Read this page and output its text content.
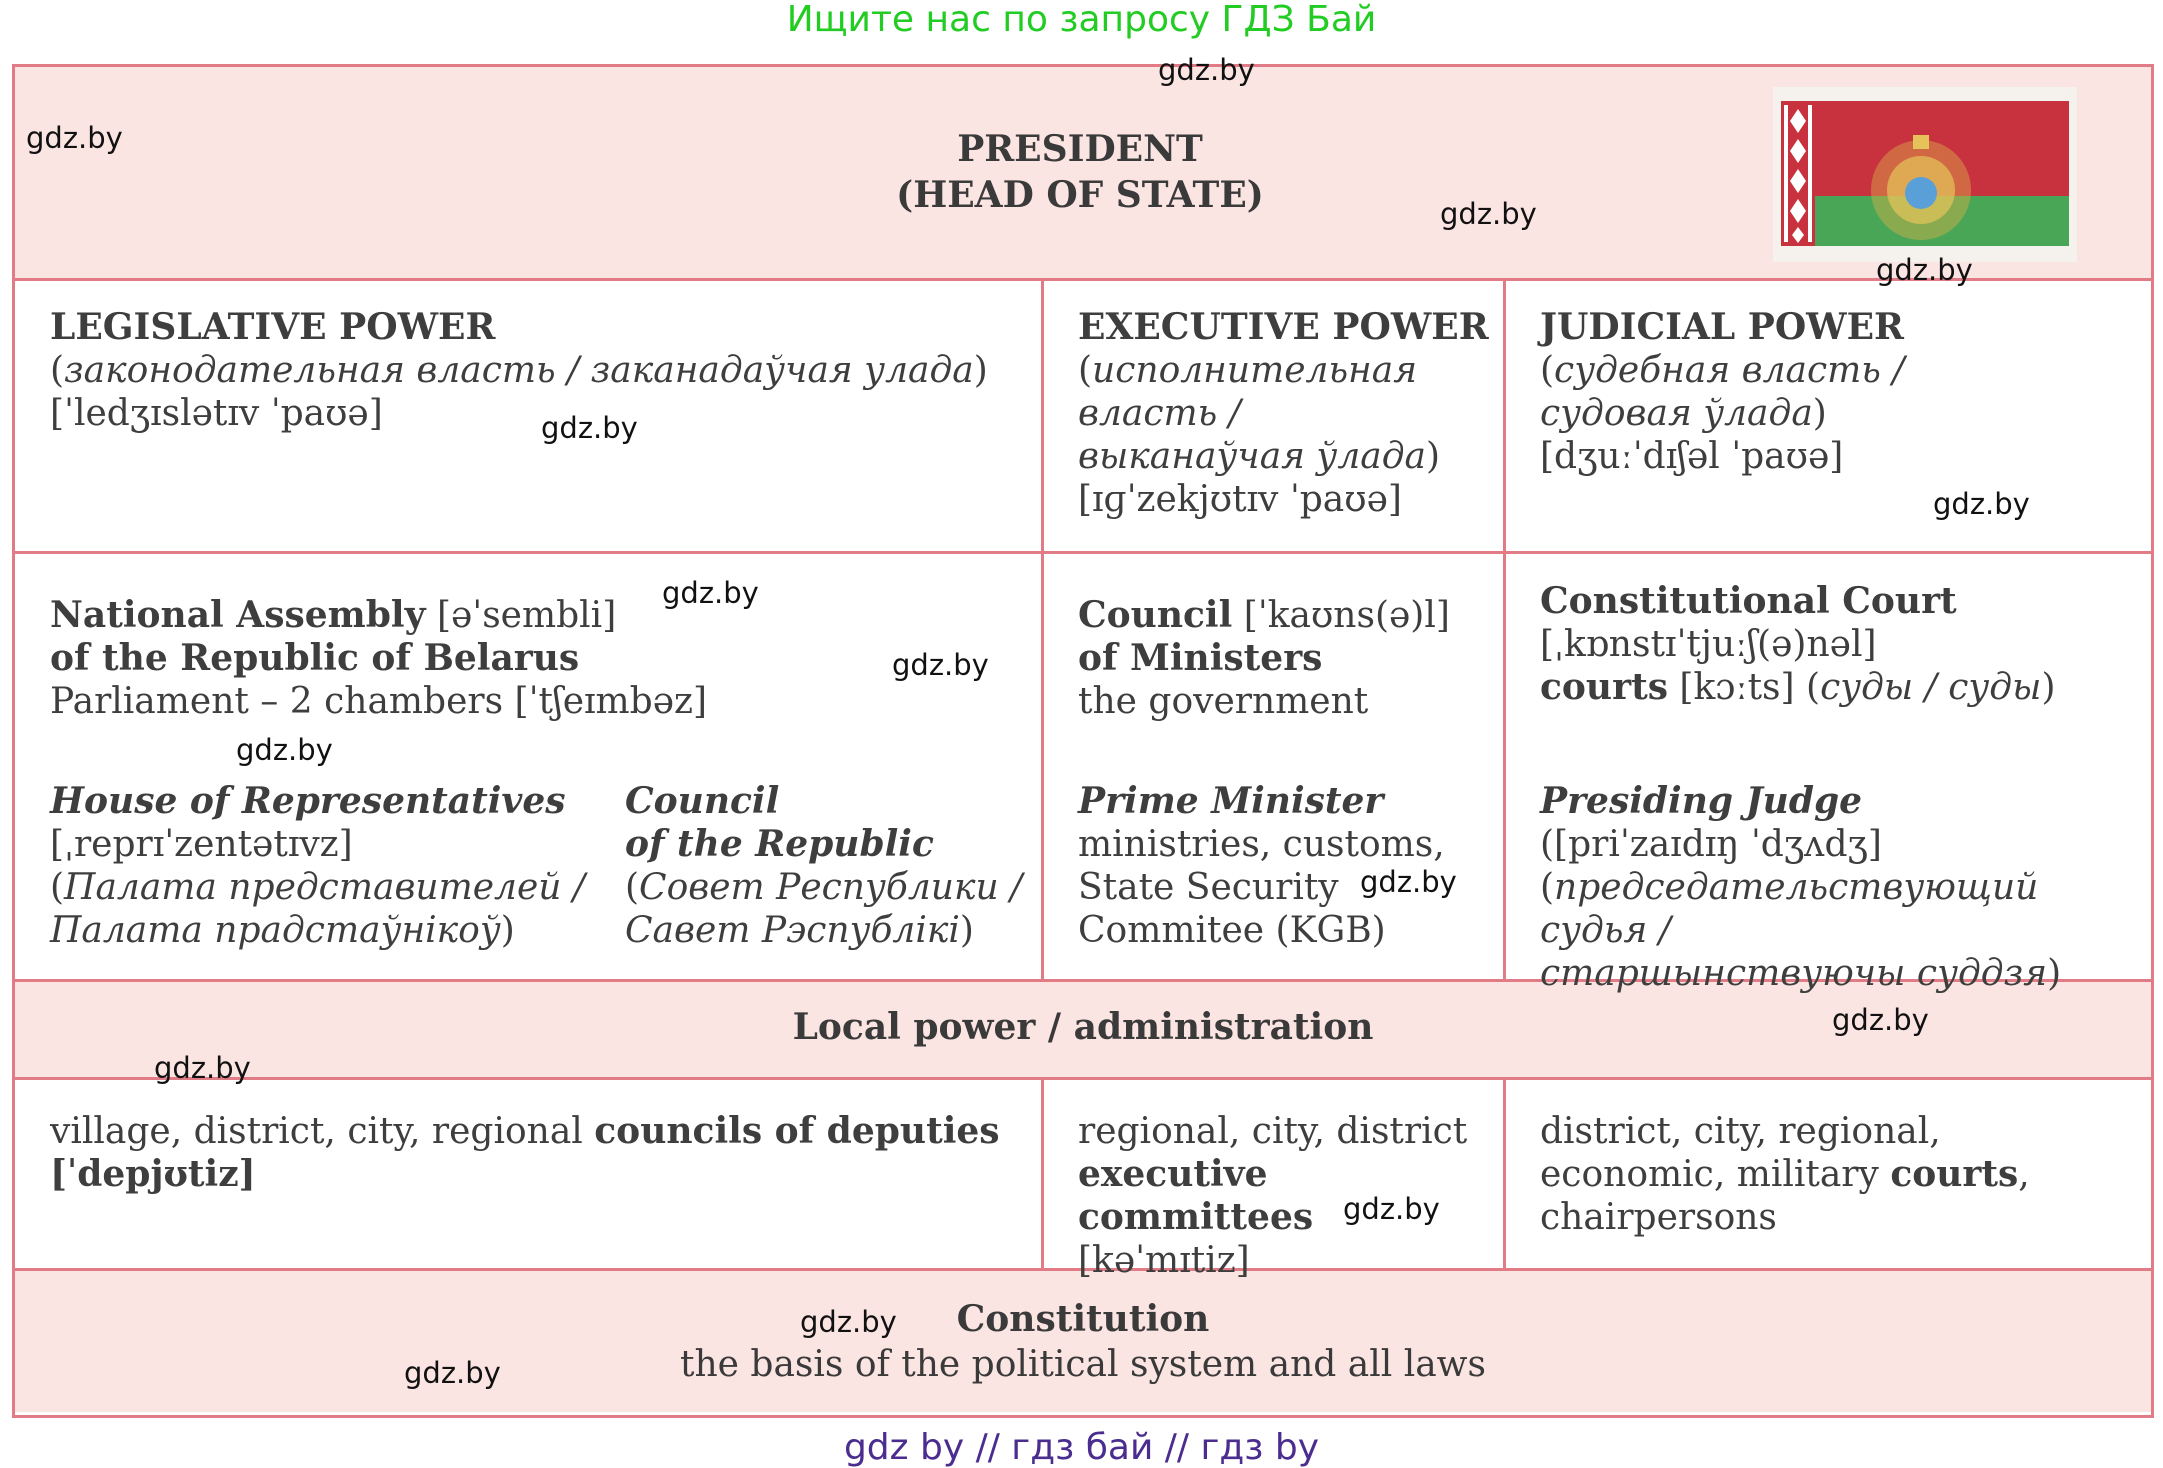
Ищите нас по запросу ГДЗ Бай
PRESIDENT
(HEAD OF STATE)
LEGISLATIVE POWER
(законодательная власть / заканадаўчая улада)
[ˈledʒɪslətɪv ˈpaʊə]
EXECUTIVE POWER
(исполнительная
власть /
выканаўчая ўлада)
[ɪɡˈzekjʊtɪv ˈpaʊə]
JUDICIAL POWER
(судебная власть /
судовая ўлада)
[dʒuːˈdɪʃəl ˈpaʊə]
National Assembly [əˈsembli]
of the Republic of Belarus
Parliament – 2 chambers [ˈtʃeɪmbəz]
House of Representatives
[ˌreprɪˈzentətɪvz]
(Палата представителей /
Палата прадстаўнікоў)
Council
of the Republic
(Совет Республики /
Савет Рэспублікі)
Council [ˈkaʊns(ə)l]
of Ministers
the government
Prime Minister
ministries, customs,
State Security
Commitee (KGB)
Constitutional Court
[ˌkɒnstɪˈtjuːʃ(ə)nəl]
courts [kɔːts] (суды / суды)
Presiding Judge
([priˈzaɪdɪŋ ˈdʒʌdʒ]
(председательствующий судья /
старшынствуючы суддзя)
Local power / administration
village, district, city, regional councils of deputies
[ˈdepjʊtiz]
regional, city, district
executive committees
[kəˈmɪtiz]
district, city, regional,
economic, military courts,
chairpersons
Constitution
the basis of the political system and all laws
gdz.by
gdz.by
gdz.by
gdz.by
gdz.by
gdz.by
gdz.by
gdz.by
gdz.by
gdz.by
gdz.by
gdz.by
gdz.by
gdz.by
gdz.by
gdz by // гдз бай // гдз by
